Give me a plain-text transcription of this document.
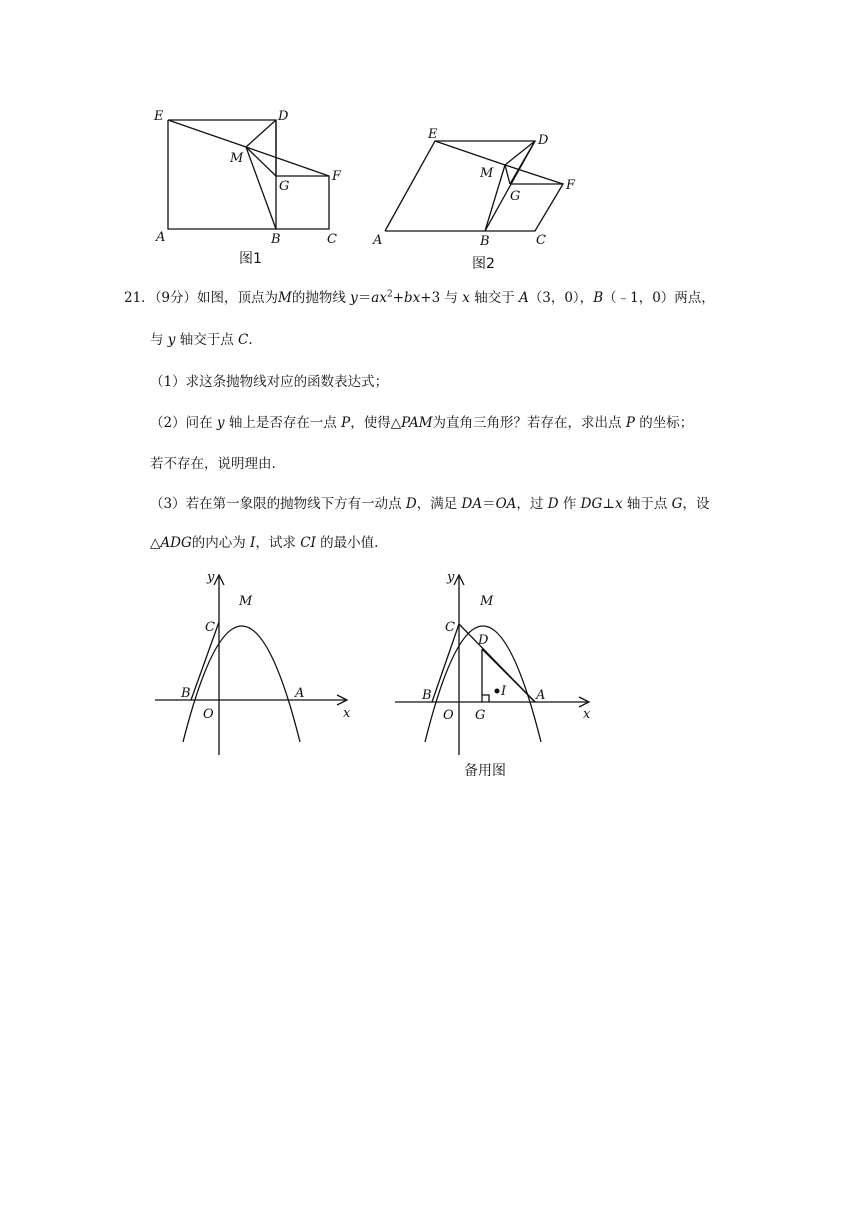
E	D
M
G
F
A	B	C
图1
E	D
M
G
F
A	B	C
图2
21．（9分）如图，顶点为M的抛物线 $y=ax^2+bx+3$ 与 x 轴交于 A（3，0），B（﹣1，0）两点，
与 y 轴交于点 C.
（1）求这条抛物线对应的函数表达式；
（2）问在 y 轴上是否存在一点 P，使得△PAM为直角三角形？若存在，求出点 P 的坐标；
若不存在，说明理由.
（3）若在第一象限的抛物线下方有一动点 D，满足 DA＝OA，过 D 作 DG⊥x 轴于点 G，设
△ADG的内心为 I，试求 CI 的最小值.
y
x
M
C
B	A
O
y
x
M
C
D
I
B	A
O G
备用图
